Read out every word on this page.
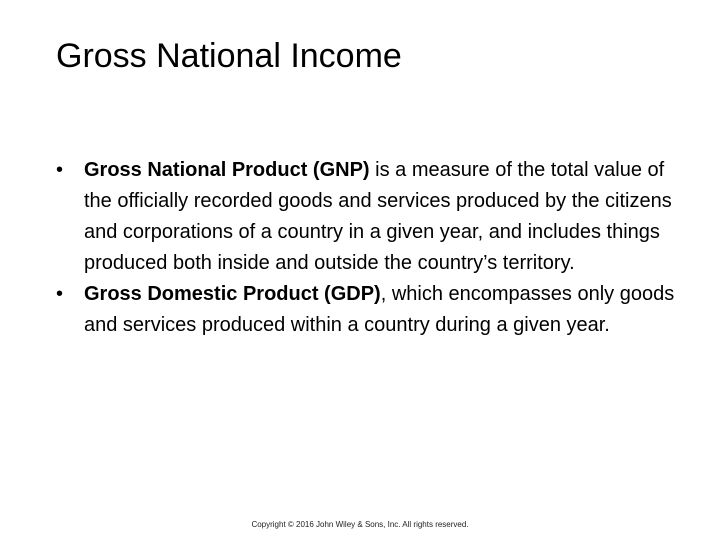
Gross National Income
•	Gross National Product (GNP) is a measure of the total value of the officially recorded goods and services produced by the citizens and corporations of a country in a given year, and includes things produced both inside and outside the country’s territory.
•	Gross Domestic Product (GDP), which encompasses only goods and services produced within a country during a given year.
Copyright © 2016 John Wiley & Sons, Inc. All rights reserved.
